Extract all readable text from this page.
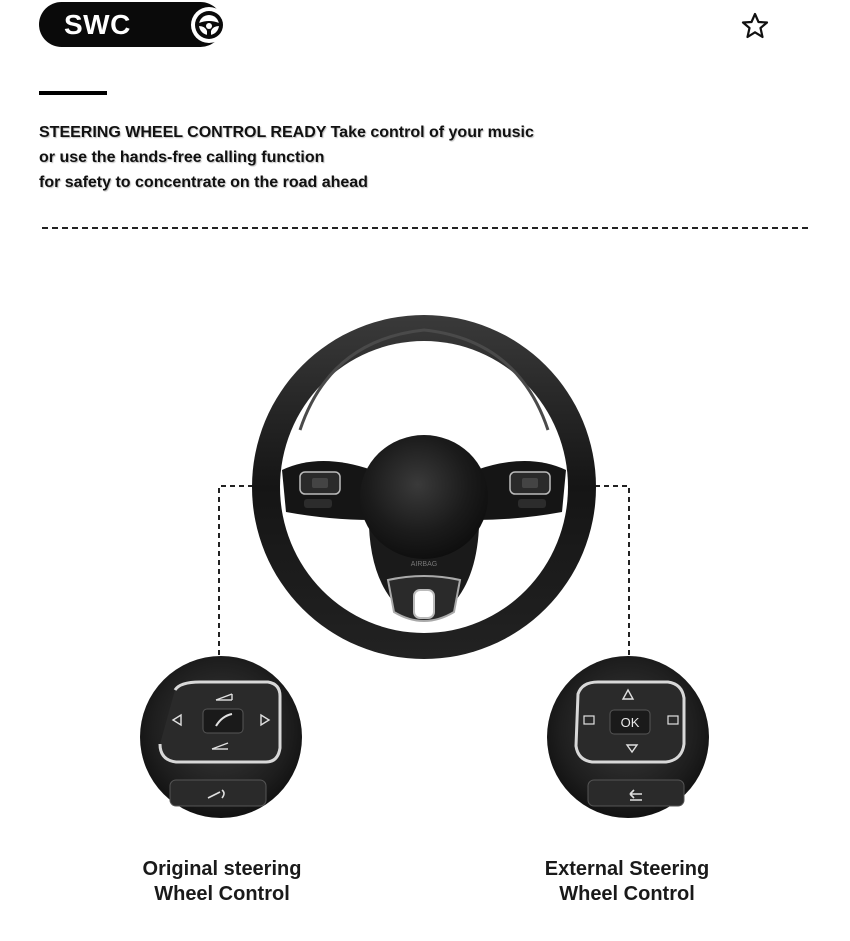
SWC
STEERING WHEEL CONTROL READY Take control of your music
or use the hands-free calling function
for safety to concentrate on the road ahead
AIRBAG
OK
Original steering
Wheel Control
External Steering
Wheel Control
